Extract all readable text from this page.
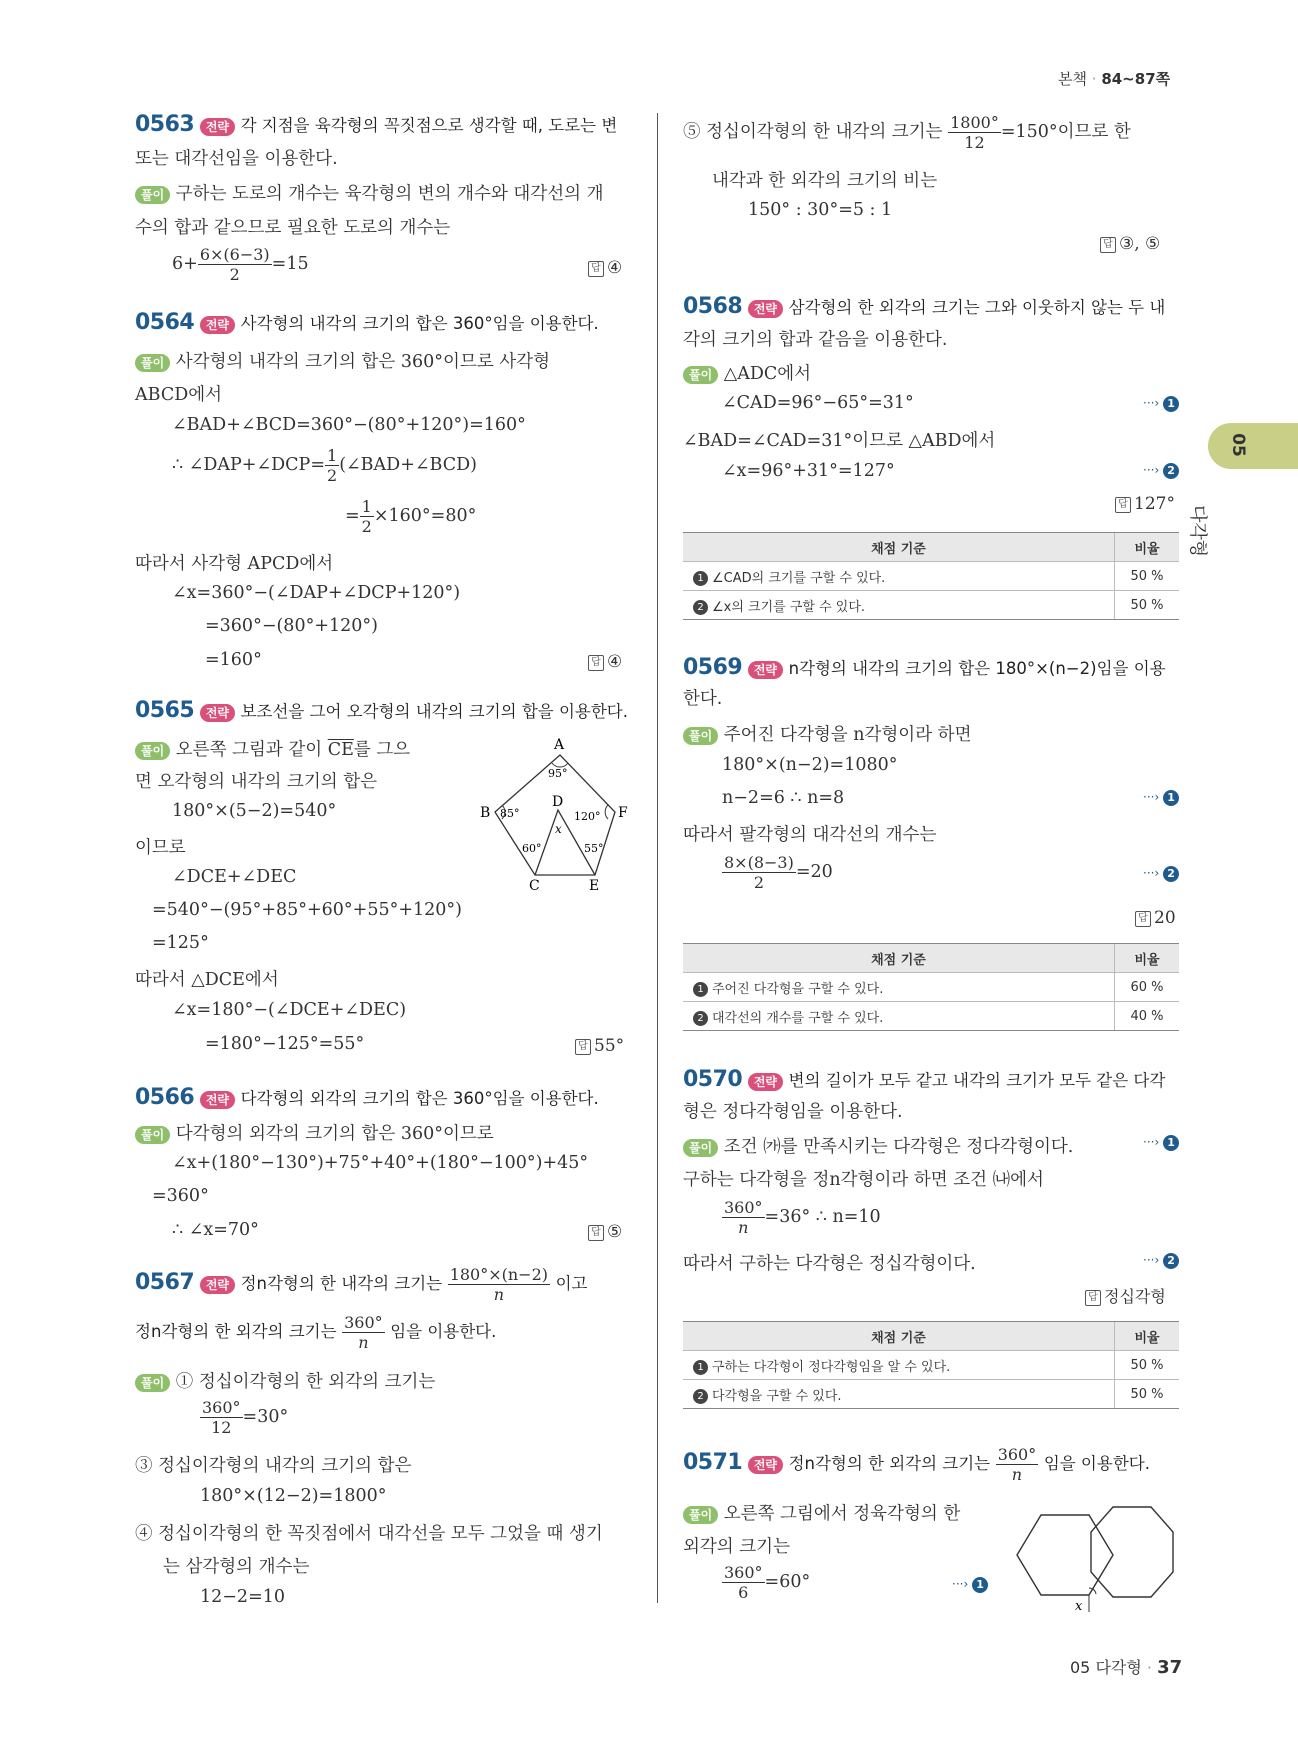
본책 · 84~87쪽
05
다각형
0563 전략 각 지점을 육각형의 꼭짓점으로 생각할 때, 도로는 변
또는 대각선임을 이용한다.
풀이 구하는 도로의 개수는 육각형의 변의 개수와 대각선의 개
수의 합과 같으므로 필요한 도로의 개수는
$6+ \frac{6\times(6-3)}{2} =15$	답 ④
0564 전략 사각형의 내각의 크기의 합은 360°임을 이용한다.
풀이 사각형의 내각의 크기의 합은 360°이므로 사각형
ABCD에서
∠BAD+∠BCD=360°−(80°+120°)=160°
∴ ∠DAP+∠DCP= $\frac{1}{2}$ (∠BAD+∠BCD)
= $\frac{1}{2} \times 160^\circ=80^\circ$
따라서 사각형 APCD에서
∠x=360°−(∠DAP+∠DCP+120°)
=360°−(80°+120°)
=160°	답 ④
0565 전략 보조선을 그어 오각형의 내각의 크기의 합을 이용한다.
풀이 오른쪽 그림과 같이 $\overline{CE}$를 그으
면 오각형의 내각의 크기의 합은
180°×(5−2)=540°
이므로
∠DCE+∠DEC
=540°−(95°+85°+60°+55°+120°)
=125°
따라서 △DCE에서
∠x=180°−(∠DCE+∠DEC)
=180°−125°=55°	답 55°
A
B
C
D
E
F
95°
85°	120°
60°	55°
x
0566 전략 다각형의 외각의 크기의 합은 360°임을 이용한다.
풀이 다각형의 외각의 크기의 합은 360°이므로
∠x+(180°−130°)+75°+40°+(180°−100°)+45°
=360°
∴ ∠x=70°	답 ⑤
0567 전략 정n각형의 한 내각의 크기는 $\frac{180^\circ\times(n-2)}{n}$ 이고
정n각형의 한 외각의 크기는 $\frac{360^\circ}{n}$ 임을 이용한다.
풀이 ① 정십이각형의 한 외각의 크기는
$\frac{360^\circ}{12} =30^\circ$
③ 정십이각형의 내각의 크기의 합은
180°×(12−2)=1800°
④ 정십이각형의 한 꼭짓점에서 대각선을 모두 그었을 때 생기
는 삼각형의 개수는
12−2=10
⑤ 정십이각형의 한 내각의 크기는 $\frac{1800^\circ}{12} =150^\circ$이므로 한
내각과 한 외각의 크기의 비는
150° : 30°=5 : 1
답 ③, ⑤
0568 전략 삼각형의 한 외각의 크기는 그와 이웃하지 않는 두 내
각의 크기의 합과 같음을 이용한다.
풀이 △ADC에서
∠CAD=96°−65°=31°	···› 1
∠BAD=∠CAD=31°이므로 △ABD에서
∠x=96°+31°=127°	···› 2
답 127°
채점 기준	비율
1 ∠CAD의 크기를 구할 수 있다.	50 %
2 ∠x의 크기를 구할 수 있다.	50 %
0569 전략 n각형의 내각의 크기의 합은 180°×(n−2)임을 이용
한다.
풀이 주어진 다각형을 n각형이라 하면
180°×(n−2)=1080°
n−2=6 ∴ n=8	···› 1
따라서 팔각형의 대각선의 개수는
$\frac{8\times(8-3)}{2} =20$	···› 2
답 20
채점 기준	비율
1 주어진 다각형을 구할 수 있다.	60 %
2 대각선의 개수를 구할 수 있다.	40 %
0570 전략 변의 길이가 모두 같고 내각의 크기가 모두 같은 다각
형은 정다각형임을 이용한다.
풀이 조건 ㈎를 만족시키는 다각형은 정다각형이다.	···› 1
구하는 다각형을 정n각형이라 하면 조건 ㈏에서
$\frac{360^\circ}{n} =36^\circ$ ∴ n=10
따라서 구하는 다각형은 정십각형이다.	···› 2
답 정십각형
채점 기준	비율
1 구하는 다각형이 정다각형임을 알 수 있다.	50 %
2 다각형을 구할 수 있다.	50 %
0571 전략 정n각형의 한 외각의 크기는 $\frac{360^\circ}{n}$ 임을 이용한다.
풀이 오른쪽 그림에서 정육각형의 한
외각의 크기는
$\frac{360^\circ}{6} =60^\circ$	···› 1
x
05 다각형 · 37
